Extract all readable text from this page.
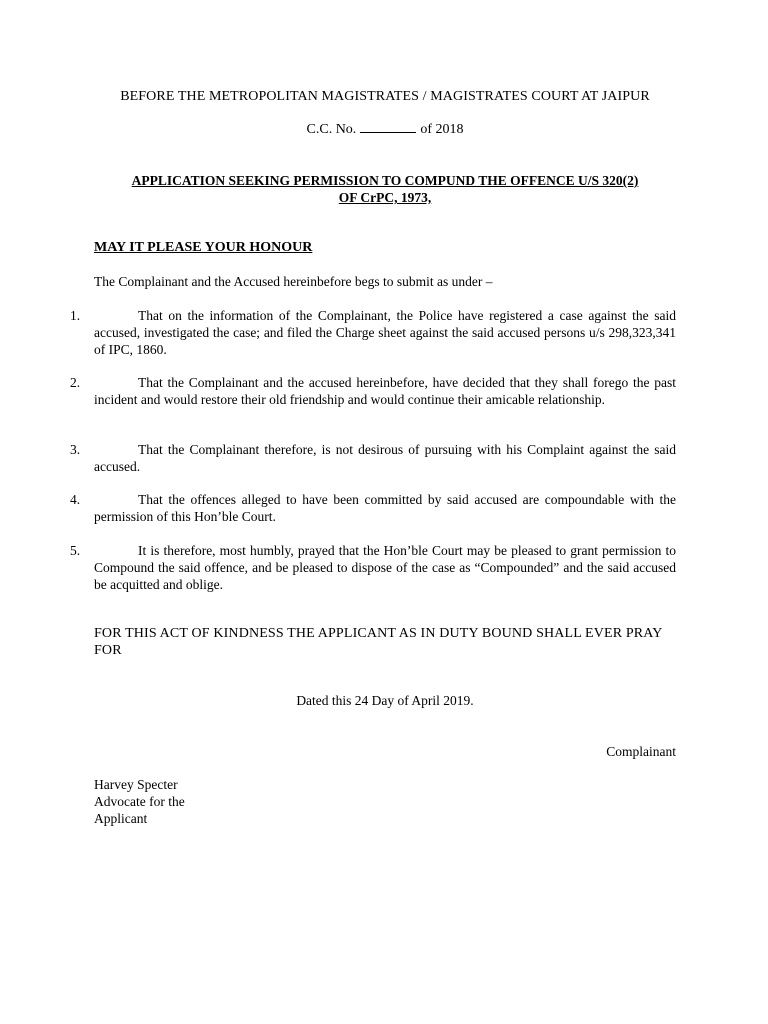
BEFORE THE METROPOLITAN MAGISTRATES / MAGISTRATES COURT AT JAIPUR
C.C. No.	of 2018
APPLICATION SEEKING PERMISSION TO COMPUND THE OFFENCE U/S 320(2)
OF CrPC, 1973,
MAY IT PLEASE YOUR HONOUR
The Complainant and the Accused hereinbefore begs to submit as under –
1.	That on the information of the Complainant, the Police have registered a case against the said accused, investigated the case; and filed the Charge sheet against the said accused persons u/s 298,323,341 of IPC, 1860.
2.	That the Complainant and the accused hereinbefore, have decided that they shall forego the past incident and would restore their old friendship and would continue their amicable relationship.
3.	That the Complainant therefore, is not desirous of pursuing with his Complaint against the said accused.
4.	That the offences alleged to have been committed by said accused are compoundable with the permission of this Hon’ble Court.
5.	It is therefore, most humbly, prayed that the Hon’ble Court may be pleased to grant permission to Compound the said offence, and be pleased to dispose of the case as “Compounded” and the said accused be acquitted and oblige.
FOR THIS ACT OF KINDNESS THE APPLICANT AS IN DUTY BOUND SHALL EVER PRAY FOR
Dated this 24 Day of April 2019.
Complainant
Harvey Specter
Advocate for the
Applicant
